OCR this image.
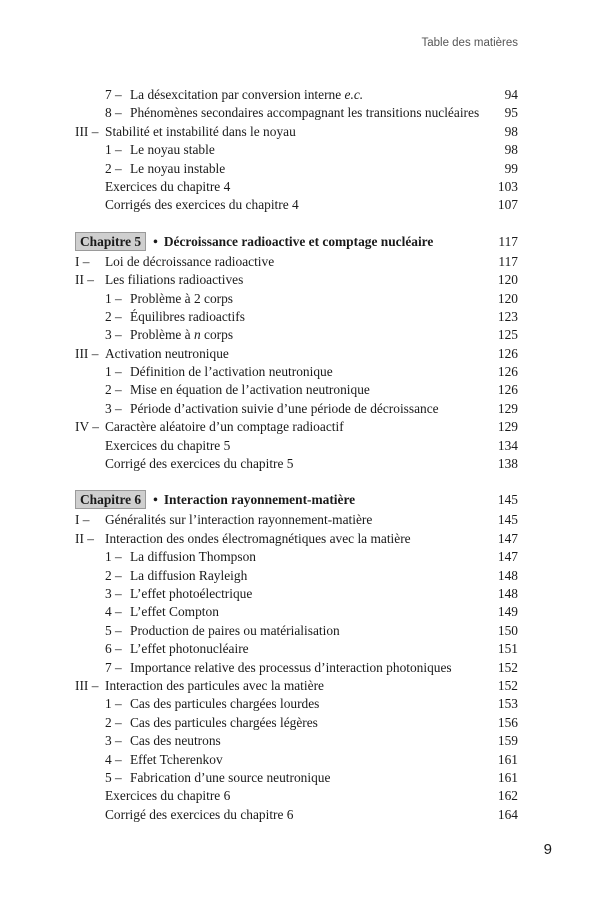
Table des matières
7 – La désexcitation par conversion interne e.c.	94
8 – Phénomènes secondaires accompagnant les transitions nucléaires	95
III – Stabilité et instabilité dans le noyau	98
1 – Le noyau stable	98
2 – Le noyau instable	99
Exercices du chapitre 4	103
Corrigés des exercices du chapitre 4	107
Chapitre 5 • Décroissance radioactive et comptage nucléaire	117
I –	Loi de décroissance radioactive	117
II – Les filiations radioactives	120
1 – Problème à 2 corps	120
2 – Équilibres radioactifs	123
3 – Problème à n corps	125
III – Activation neutronique	126
1 – Définition de l’activation neutronique	126
2 – Mise en équation de l’activation neutronique	126
3 – Période d’activation suivie d’une période de décroissance	129
IV – Caractère aléatoire d’un comptage radioactif	129
Exercices du chapitre 5	134
Corrigé des exercices du chapitre 5	138
Chapitre 6 • Interaction rayonnement-matière	145
I –	Généralités sur l’interaction rayonnement-matière	145
II – Interaction des ondes électromagnétiques avec la matière	147
1 – La diffusion Thompson	147
2 – La diffusion Rayleigh	148
3 – L’effet photoélectrique	148
4 – L’effet Compton	149
5 – Production de paires ou matérialisation	150
6 – L’effet photonucléaire	151
7 – Importance relative des processus d’interaction photoniques	152
III – Interaction des particules avec la matière	152
1 – Cas des particules chargées lourdes	153
2 – Cas des particules chargées légères	156
3 – Cas des neutrons	159
4 – Effet Tcherenkov	161
5 – Fabrication d’une source neutronique	161
Exercices du chapitre 6	162
Corrigé des exercices du chapitre 6	164
9
